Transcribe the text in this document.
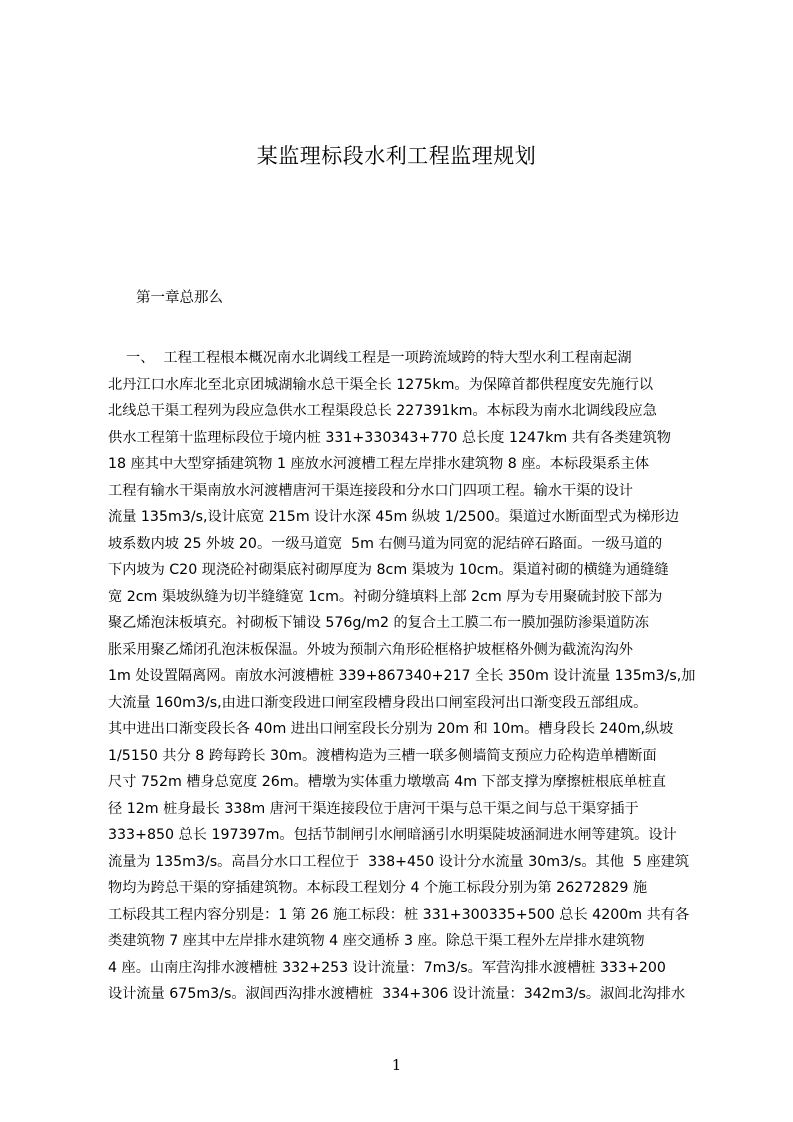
某监理标段水利工程监理规划

第一章总那么

一、  工程工程根本概况南水北调线工程是一项跨流域跨的特大型水利工程南起湖
北丹江口水库北至北京团城湖输水总干渠全长 1275km。为保障首都供程度安先施行以
北线总干渠工程列为段应急供水工程渠段总长 227391km。本标段为南水北调线段应急
供水工程第十监理标段位于境内桩 331+330343+770 总长度 1247km 共有各类建筑物
18 座其中大型穿插建筑物 1 座放水河渡槽工程左岸排水建筑物 8 座。本标段渠系主体
工程有输水干渠南放水河渡槽唐河干渠连接段和分水口门四项工程。输水干渠的设计
流量 135m3/s,设计底宽 215m 设计水深 45m 纵坡 1/2500。渠道过水断面型式为梯形边
坡系数内坡 25 外坡 20。一级马道宽  5m 右侧马道为同宽的泥结碎石路面。一级马道的
下内坡为 C20 现浇砼衬砌渠底衬砌厚度为 8cm 渠坡为 10cm。渠道衬砌的横缝为通缝缝
宽 2cm 渠坡纵缝为切半缝缝宽 1cm。衬砌分缝填料上部 2cm 厚为专用聚硫封胶下部为
聚乙烯泡沫板填充。衬砌板下铺设 576g/m2 的复合土工膜二布一膜加强防渗渠道防冻
胀采用聚乙烯闭孔泡沫板保温。外坡为预制六角形砼框格护坡框格外侧为截流沟沟外
1m 处设置隔离网。南放水河渡槽桩 339+867340+217 全长 350m 设计流量 135m3/s,加
大流量 160m3/s,由进口渐变段进口闸室段槽身段出口闸室段河出口渐变段五部组成。
其中进出口渐变段长各 40m 进出口闸室段长分别为 20m 和 10m。槽身段长 240m,纵坡
1/5150 共分 8 跨每跨长 30m。渡槽构造为三槽一联多侧墙简支预应力砼构造单槽断面
尺寸 752m 槽身总宽度 26m。槽墩为实体重力墩墩高 4m 下部支撑为摩擦桩根底单桩直
径 12m 桩身最长 338m 唐河干渠连接段位于唐河干渠与总干渠之间与总干渠穿插于
333+850 总长 197397m。包括节制闸引水闸暗涵引水明渠陡坡涵洞进水闸等建筑。设计
流量为 135m3/s。高昌分水口工程位于  338+450 设计分水流量 30m3/s。其他  5 座建筑
物均为跨总干渠的穿插建筑物。本标段工程划分 4 个施工标段分别为第 26272829 施
工标段其工程内容分别是：1 第 26 施工标段：桩 331+300335+500 总长 4200m 共有各
类建筑物 7 座其中左岸排水建筑物 4 座交通桥 3 座。除总干渠工程外左岸排水建筑物
4 座。山南庄沟排水渡槽桩 332+253 设计流量：7m3/s。军营沟排水渡槽桩 333+200
设计流量 675m3/s。淑闾西沟排水渡槽桩  334+306 设计流量：342m3/s。淑闾北沟排水
1
